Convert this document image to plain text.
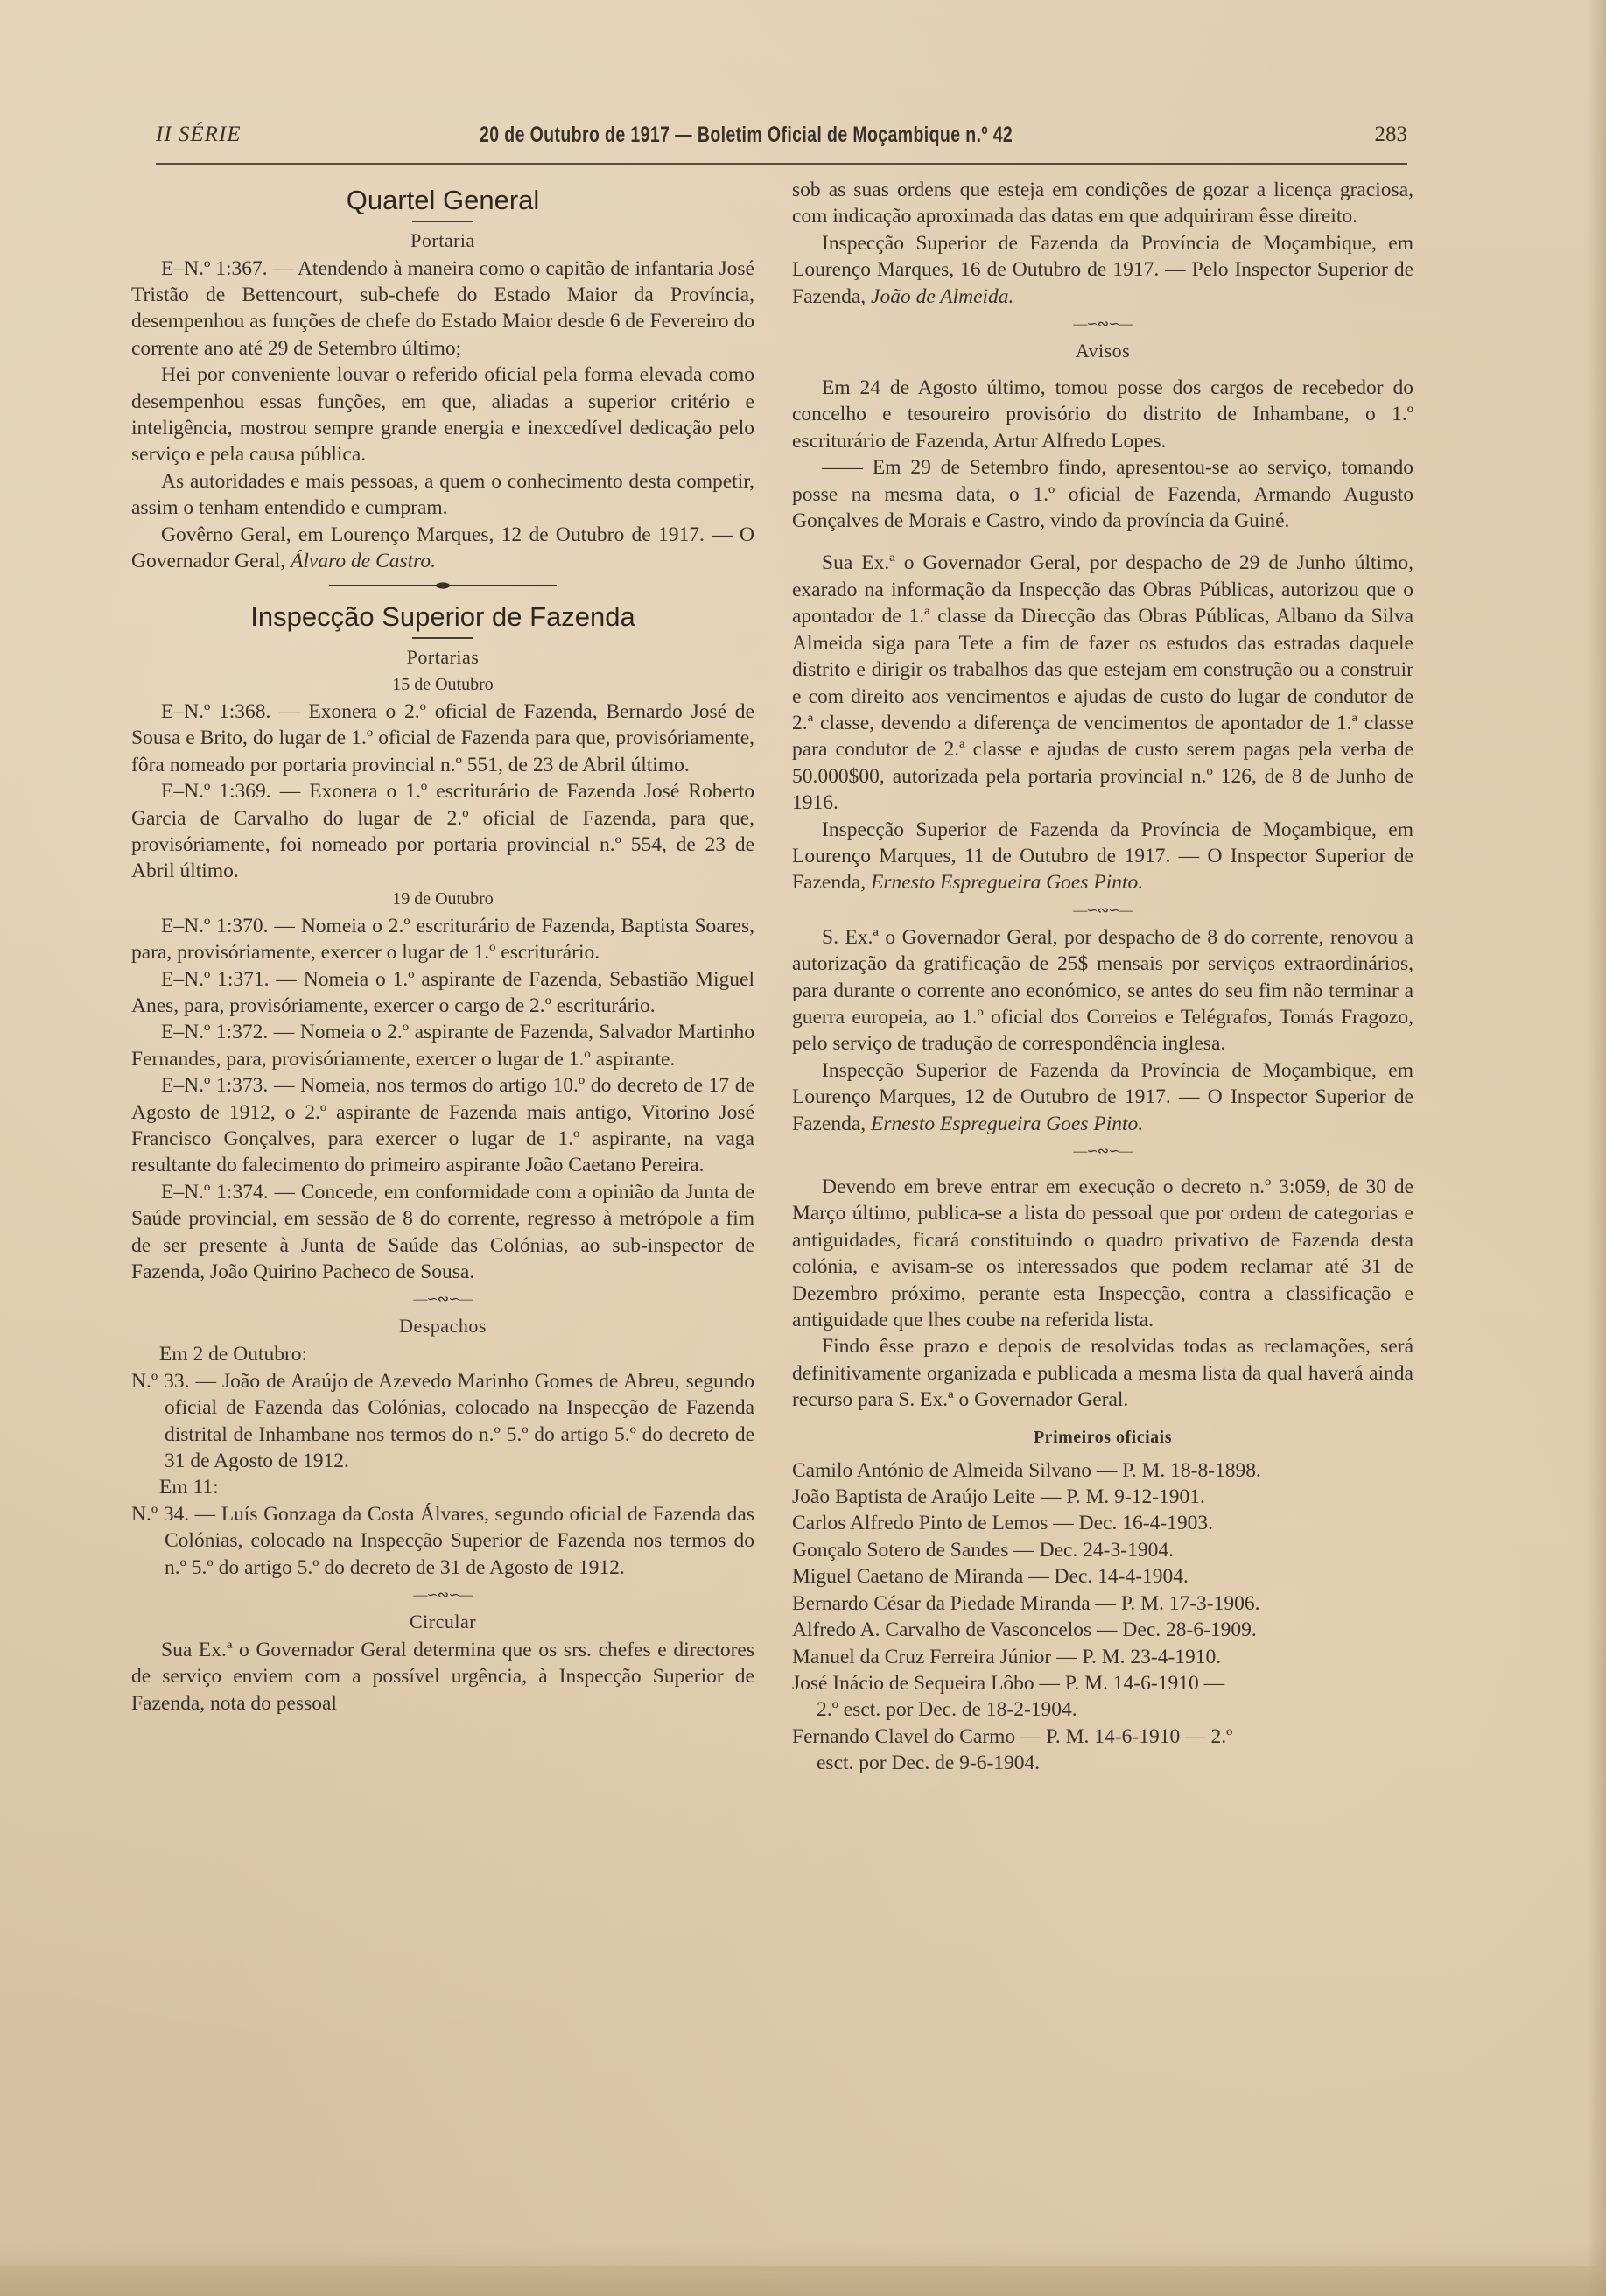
II SÉRIE	20 de Outubro de 1917 — Boletim Oficial de Moçambique n.º 42	283
Quartel General
Portaria

E–N.º 1:367. — Atendendo à maneira como o capitão de infantaria José Tristão de Bettencourt, sub-chefe do Estado Maior da Província, desempenhou as funções de chefe do Estado Maior desde 6 de Fevereiro do corrente ano até 29 de Setembro último;

Hei por conveniente louvar o referido oficial pela forma elevada como desempenhou essas funções, em que, aliadas a superior critério e inteligência, mostrou sempre grande energia e inexcedível dedicação pelo serviço e pela causa pública.

As autoridades e mais pessoas, a quem o conhecimento desta competir, assim o tenham entendido e cumpram.

Govêrno Geral, em Lourenço Marques, 12 de Outubro de 1917. — O Governador Geral, Álvaro de Castro.

Inspecção Superior de Fazenda
Portarias
15 de Outubro

E–N.º 1:368. — Exonera o 2.º oficial de Fazenda, Bernardo José de Sousa e Brito, do lugar de 1.º oficial de Fazenda para que, provisóriamente, fôra nomeado por portaria provincial n.º 551, de 23 de Abril último.

E–N.º 1:369. — Exonera o 1.º escriturário de Fazenda José Roberto Garcia de Carvalho do lugar de 2.º oficial de Fazenda, para que, provisóriamente, foi nomeado por portaria provincial n.º 554, de 23 de Abril último.

19 de Outubro

E–N.º 1:370. — Nomeia o 2.º escriturário de Fazenda, Baptista Soares, para, provisóriamente, exercer o lugar de 1.º escriturário.

E–N.º 1:371. — Nomeia o 1.º aspirante de Fazenda, Sebastião Miguel Anes, para, provisóriamente, exercer o cargo de 2.º escriturário.

E–N.º 1:372. — Nomeia o 2.º aspirante de Fazenda, Salvador Martinho Fernandes, para, provisóriamente, exercer o lugar de 1.º aspirante.

E–N.º 1:373. — Nomeia, nos termos do artigo 10.º do decreto de 17 de Agosto de 1912, o 2.º aspirante de Fazenda mais antigo, Vitorino José Francisco Gonçalves, para exercer o lugar de 1.º aspirante, na vaga resultante do falecimento do primeiro aspirante João Caetano Pereira.

E–N.º 1:374. — Concede, em conformidade com a opinião da Junta de Saúde provincial, em sessão de 8 do corrente, regresso à metrópole a fim de ser presente à Junta de Saúde das Colónias, ao sub-inspector de Fazenda, João Quirino Pacheco de Sousa.

—∽∾∽—
Despachos

Em 2 de Outubro:

N.º 33. — João de Araújo de Azevedo Marinho Gomes de Abreu, segundo oficial de Fazenda das Colónias, colocado na Inspecção de Fazenda distrital de Inhambane nos termos do n.º 5.º do artigo 5.º do decreto de 31 de Agosto de 1912.

Em 11:

N.º 34. — Luís Gonzaga da Costa Álvares, segundo oficial de Fazenda das Colónias, colocado na Inspecção Superior de Fazenda nos termos do n.º 5.º do artigo 5.º do decreto de 31 de Agosto de 1912.

—∽∾∽—
Circular

Sua Ex.ª o Governador Geral determina que os srs. chefes e directores de serviço enviem com a possível urgência, à Inspecção Superior de Fazenda, nota do pessoal

sob as suas ordens que esteja em condições de gozar a licença graciosa, com indicação aproximada das datas em que adquiriram êsse direito.

Inspecção Superior de Fazenda da Província de Moçambique, em Lourenço Marques, 16 de Outubro de 1917. — Pelo Inspector Superior de Fazenda, João de Almeida.

—∽∾∽—
Avisos

Em 24 de Agosto último, tomou posse dos cargos de recebedor do concelho e tesoureiro provisório do distrito de Inhambane, o 1.º escriturário de Fazenda, Artur Alfredo Lopes.

—— Em 29 de Setembro findo, apresentou-se ao serviço, tomando posse na mesma data, o 1.º oficial de Fazenda, Armando Augusto Gonçalves de Morais e Castro, vindo da província da Guiné.

Sua Ex.ª o Governador Geral, por despacho de 29 de Junho último, exarado na informação da Inspecção das Obras Públicas, autorizou que o apontador de 1.ª classe da Direcção das Obras Públicas, Albano da Silva Almeida siga para Tete a fim de fazer os estudos das estradas daquele distrito e dirigir os trabalhos das que estejam em construção ou a construir e com direito aos vencimentos e ajudas de custo do lugar de condutor de 2.ª classe, devendo a diferença de vencimentos de apontador de 1.ª classe para condutor de 2.ª classe e ajudas de custo serem pagas pela verba de 50.000$00, autorizada pela portaria provincial n.º 126, de 8 de Junho de 1916.

Inspecção Superior de Fazenda da Província de Moçambique, em Lourenço Marques, 11 de Outubro de 1917. — O Inspector Superior de Fazenda, Ernesto Espregueira Goes Pinto.

—∽∾∽—

S. Ex.ª o Governador Geral, por despacho de 8 do corrente, renovou a autorização da gratificação de 25$ mensais por serviços extraordinários, para durante o corrente ano económico, se antes do seu fim não terminar a guerra europeia, ao 1.º oficial dos Correios e Telégrafos, Tomás Fragozo, pelo serviço de tradução de correspondência inglesa.

Inspecção Superior de Fazenda da Província de Moçambique, em Lourenço Marques, 12 de Outubro de 1917. — O Inspector Superior de Fazenda, Ernesto Espregueira Goes Pinto.

—∽∾∽—

Devendo em breve entrar em execução o decreto n.º 3:059, de 30 de Março último, publica-se a lista do pessoal que por ordem de categorias e antiguidades, ficará constituindo o quadro privativo de Fazenda desta colónia, e avisam-se os interessados que podem reclamar até 31 de Dezembro próximo, perante esta Inspecção, contra a classificação e antiguidade que lhes coube na referida lista.

Findo êsse prazo e depois de resolvidas todas as reclamações, será definitivamente organizada e publicada a mesma lista da qual haverá ainda recurso para S. Ex.ª o Governador Geral.

Primeiros oficiais

Camilo António de Almeida Silvano — P. M. 18-8-1898.

João Baptista de Araújo Leite — P. M. 9-12-1901.

Carlos Alfredo Pinto de Lemos — Dec. 16-4-1903.

Gonçalo Sotero de Sandes — Dec. 24-3-1904.

Miguel Caetano de Miranda — Dec. 14-4-1904.

Bernardo César da Piedade Miranda — P. M. 17-3-1906.

Alfredo A. Carvalho de Vasconcelos — Dec. 28-6-1909.

Manuel da Cruz Ferreira Júnior — P. M. 23-4-1910.

José Inácio de Sequeira Lôbo — P. M. 14-6-1910 —

2.º esct. por Dec. de 18-2-1904.

Fernando Clavel do Carmo — P. M. 14-6-1910 — 2.º

esct. por Dec. de 9-6-1904.
